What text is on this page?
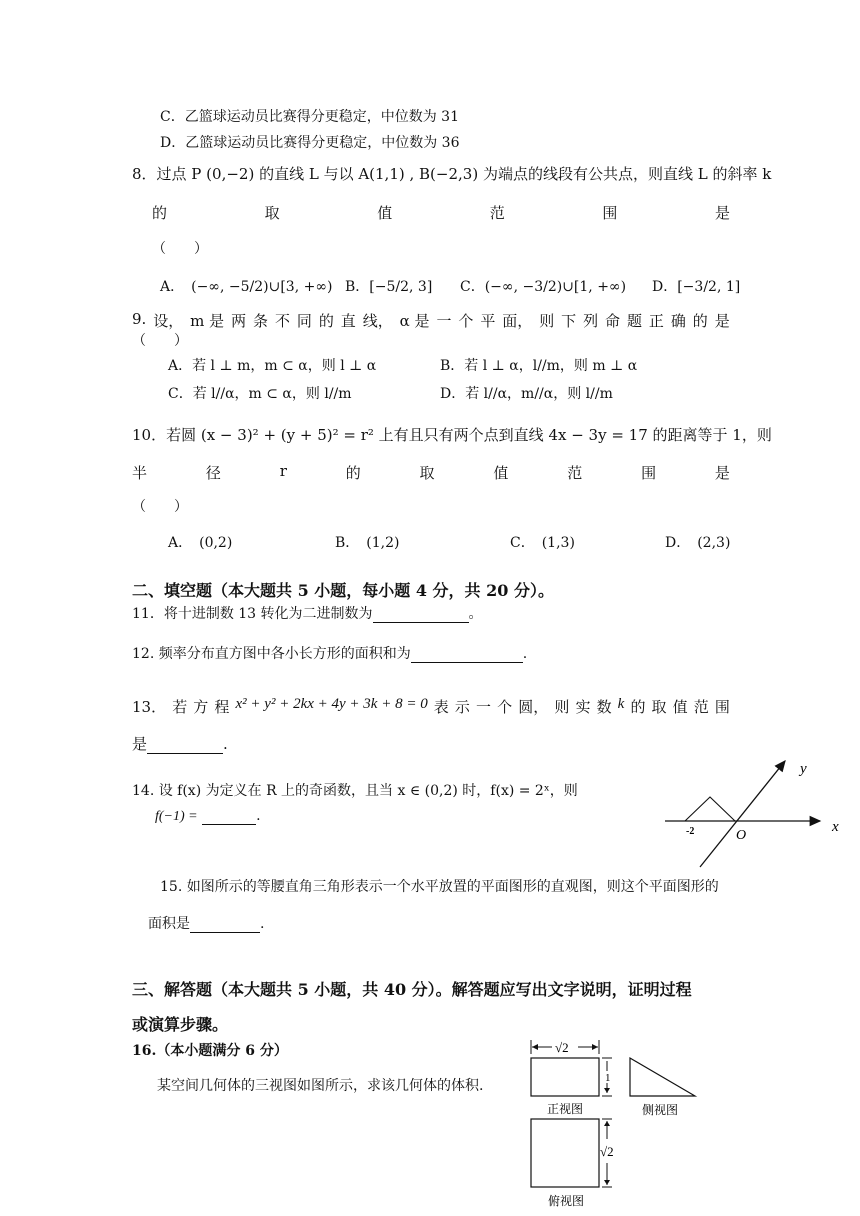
C．乙篮球运动员比赛得分更稳定，中位数为 31
D．乙篮球运动员比赛得分更稳定，中位数为 36
8．过点 P (0,−2) 的直线 L 与以 A(1,1) , B(−2,3) 为端点的线段有公共点，则直线 L 的斜率 k
的	取	值	范	围	是
（　　）
A．　(−∞, −5/2)∪[3, +∞) B．[−5/2, 3] C．(−∞, −3/2)∪[1, +∞) D．[−3/2, 1]
9. 设， m 是 两 条 不 同 的 直 线， α 是 一 个 平 面， 则 下 列 命 题 正 确 的 是
（　　）
A．若 l ⊥ m，m ⊂ α，则 l ⊥ α	B．若 l ⊥ α，l//m，则 m ⊥ α
C．若 l//α，m ⊂ α，则 l//m	D．若 l//α，m//α，则 l//m
10．若圆 (x − 3)² + (y + 5)² = r² 上有且只有两个点到直线 4x − 3y = 17 的距离等于 1，则
半	径	r	的	取	值	范	围	是
（　　）
A．　(0,2)	B．　(1,2)	C．　(1,3)	D．　(2,3)
二、填空题（本大题共 5 小题，每小题 4 分，共 20 分）。
11．将十进制数 13 转化为二进制数为	。
12. 频率分布直方图中各小长方形的面积和为	.
13． 若 方 程 x² + y² + 2kx + 4y + 3k + 8 = 0 表 示 一 个 圆， 则 实 数 k 的 取 值 范 围
是	.
14. 设 f(x) 为定义在 R 上的奇函数，且当 x ∈ (0,2) 时，f(x) = 2ˣ，则
f(−1) =	.
y
x
O
-2
15. 如图所示的等腰直角三角形表示一个水平放置的平面图形的直观图，则这个平面图形的
面积是	.
三、解答题（本大题共 5 小题，共 40 分）。解答题应写出文字说明，证明过程
或演算步骤。
16.（本小题满分 6 分）
某空间几何体的三视图如图所示，求该几何体的体积.
√2
1
正视图	侧视图
√2
俯视图
